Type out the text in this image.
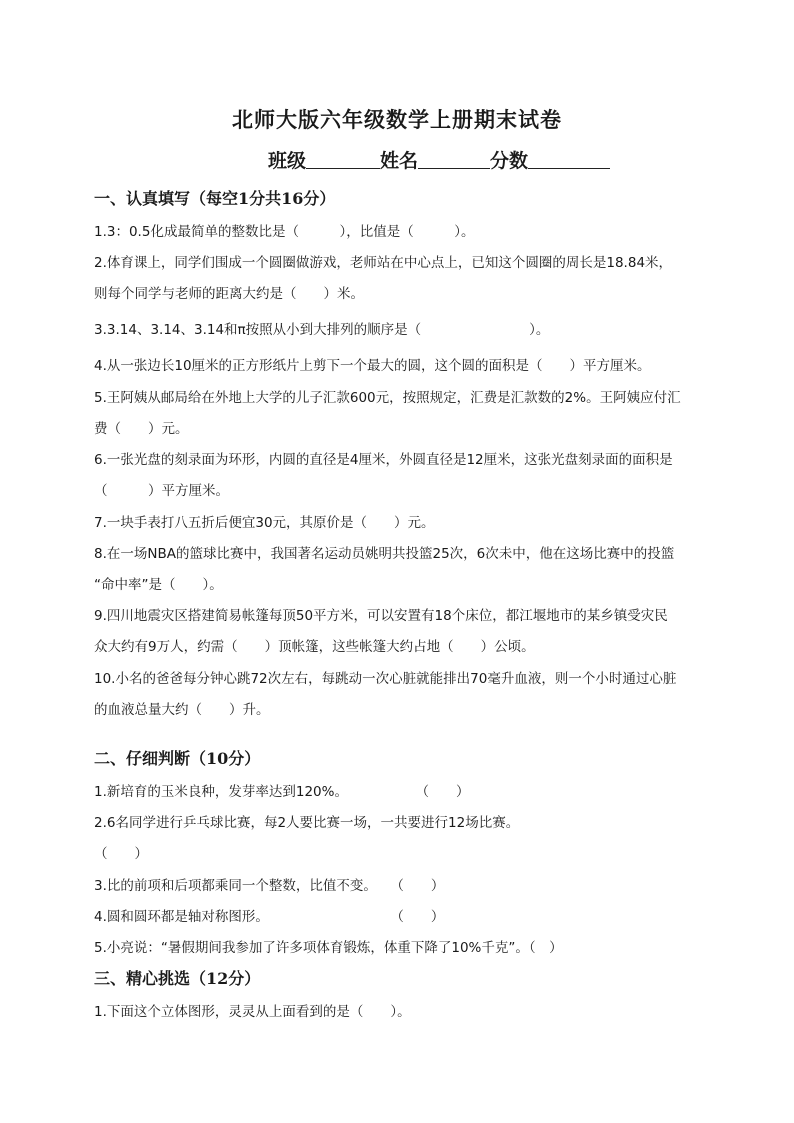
北师大版六年级数学上册期末试卷
班级	姓名	分数
一、认真填写（每空1分共16分）
1.3：0.5化成最简单的整数比是（　　　），比值是（　　　）。
2.体育课上，同学们围成一个圆圈做游戏，老师站在中心点上，已知这个圆圈的周长是18.84米，
则每个同学与老师的距离大约是（　　）米。
3.3.14、3.14、3.14和π按照从小到大排列的顺序是（　　　　　　　　）。
4.从一张边长10厘米的正方形纸片上剪下一个最大的圆，这个圆的面积是（　　）平方厘米。
5.王阿姨从邮局给在外地上大学的儿子汇款600元，按照规定，汇费是汇款数的2%。王阿姨应付汇
费（　　）元。
6.一张光盘的刻录面为环形，内圆的直径是4厘米，外圆直径是12厘米，这张光盘刻录面的面积是
（　　　）平方厘米。
7.一块手表打八五折后便宜30元，其原价是（　　）元。
8.在一场NBA的篮球比赛中，我国著名运动员姚明共投篮25次，6次未中，他在这场比赛中的投篮
“命中率”是（　　）。
9.四川地震灾区搭建简易帐篷每顶50平方米，可以安置有18个床位，都江堰地市的某乡镇受灾民
众大约有9万人，约需（　　）顶帐篷，这些帐篷大约占地（　　）公顷。
10.小名的爸爸每分钟心跳72次左右，每跳动一次心脏就能排出70毫升血液，则一个小时通过心脏
的血液总量大约（　　）升。
二、仔细判断（10分）
1.新培育的玉米良种，发芽率达到120%。　　　　　　（　　）
2.6名同学进行乒乓球比赛，每2人要比赛一场，一共要进行12场比赛。
（　　）
3.比的前项和后项都乘同一个整数，比值不变。　　（　　）
4.圆和圆环都是轴对称图形。　　　　　　　　　　（　　）
5.小亮说：“暑假期间我参加了许多项体育锻炼，体重下降了10%千克”。（　）
三、精心挑选（12分）
1.下面这个立体图形，灵灵从上面看到的是（　　）。
